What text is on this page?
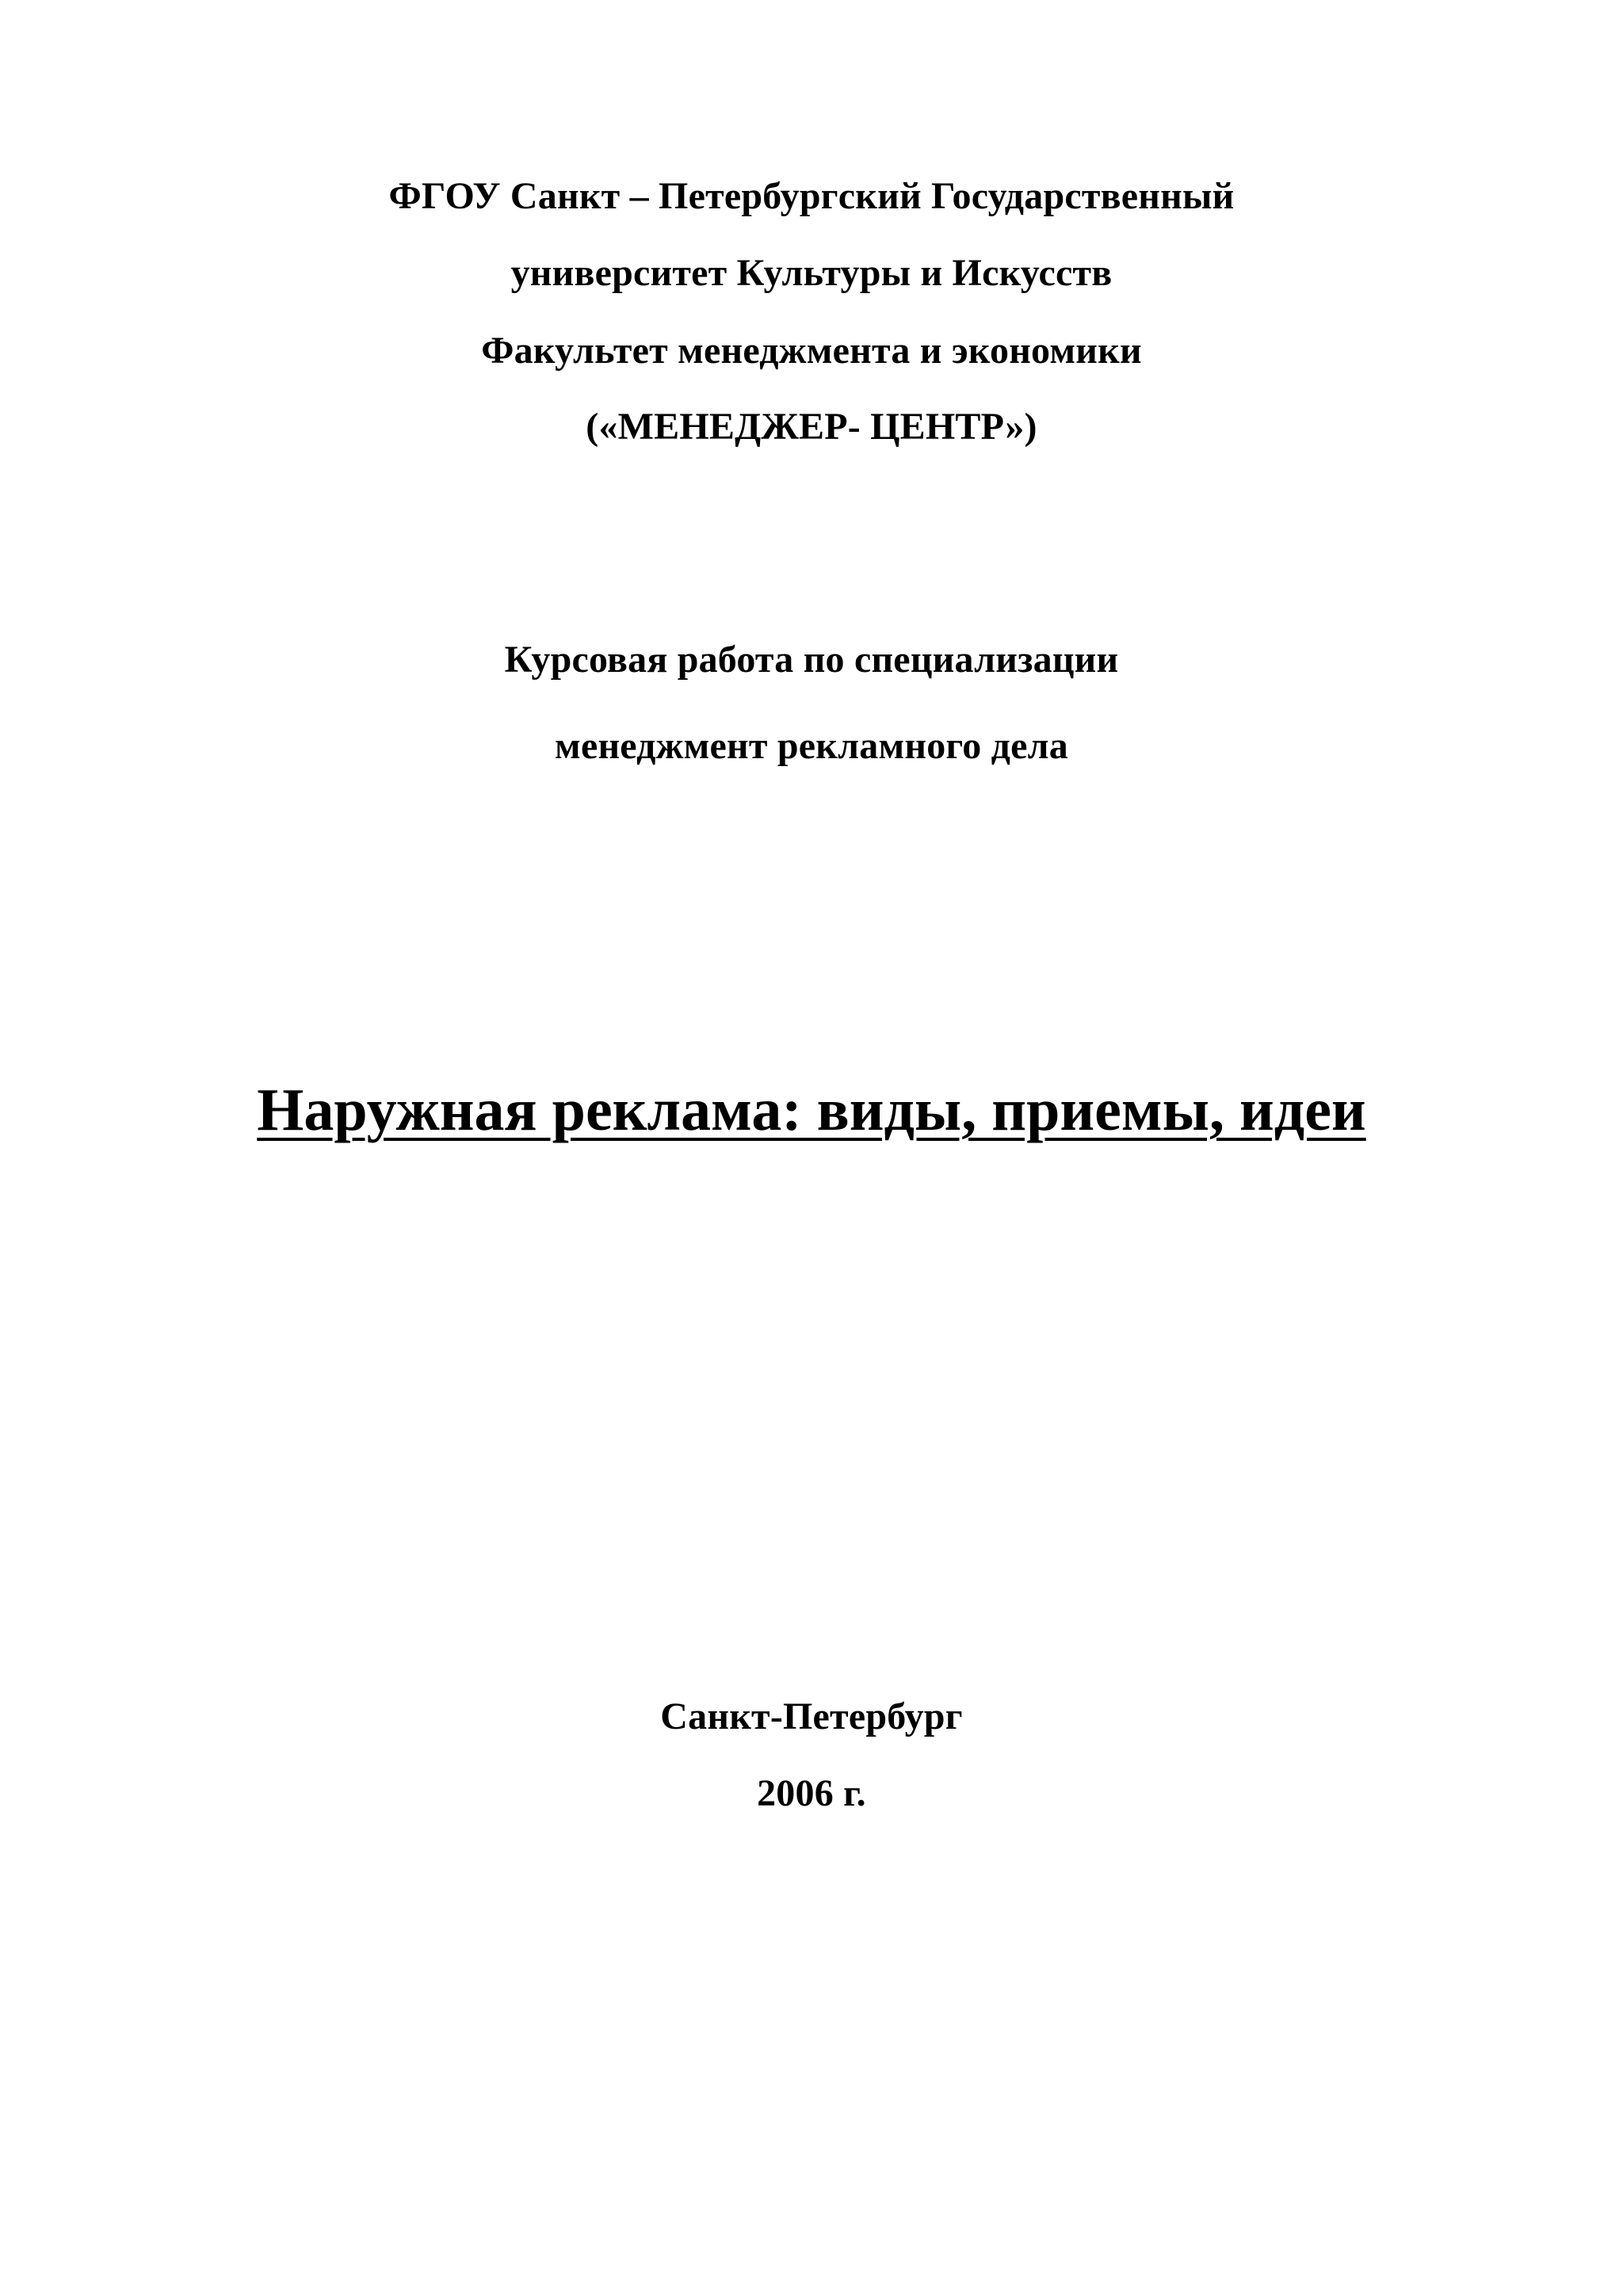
ФГОУ Санкт – Петербургский Государственный
университет Культуры и Искусств
Факультет менеджмента и экономики
(«МЕНЕДЖЕР- ЦЕНТР»)
Курсовая работа по специализации
менеджмент рекламного дела
Наружная реклама: виды, приемы, идеи
Санкт-Петербург
2006 г.
